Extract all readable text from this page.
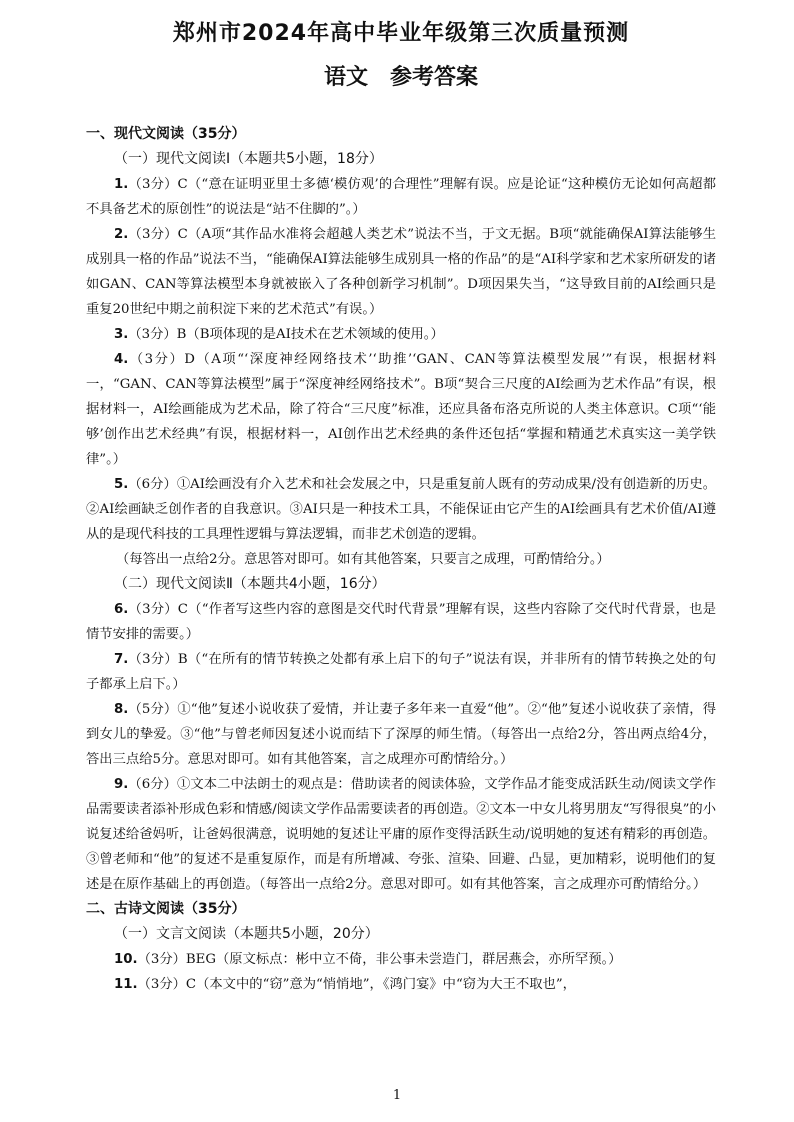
郑州市2024年高中毕业年级第三次质量预测
语文　参考答案

一、现代文阅读（35分）

（一）现代文阅读Ⅰ（本题共5小题，18分）

1.（3分）C（“意在证明亚里士多德‘模仿观’的合理性”理解有误。应是论证“这种模仿无论如何高超都不具备艺术的原创性”的说法是“站不住脚的”。）

2.（3分）C（A项“其作品水准将会超越人类艺术”说法不当，于文无据。B项“就能确保AI算法能够生成别具一格的作品”说法不当，“能确保AI算法能够生成别具一格的作品”的是“AI科学家和艺术家所研发的诸如GAN、CAN等算法模型本身就被嵌入了各种创新学习机制”。D项因果失当，“这导致目前的AI绘画只是重复20世纪中期之前积淀下来的艺术范式”有误。）

3.（3分）B（B项体现的是AI技术在艺术领域的使用。）

4.（3分）D（A项“‘深度神经网络技术’‘助推’‘GAN、CAN等算法模型发展’”有误，根据材料一，“GAN、CAN等算法模型”属于“深度神经网络技术”。B项“契合三尺度的AI绘画为艺术作品”有误，根据材料一，AI绘画能成为艺术品，除了符合“三尺度”标准，还应具备布洛克所说的人类主体意识。C项“‘能够’创作出艺术经典”有误，根据材料一，AI创作出艺术经典的条件还包括“掌握和精通艺术真实这一美学铁律”。）

5.（6分）①AI绘画没有介入艺术和社会发展之中，只是重复前人既有的劳动成果/没有创造新的历史。②AI绘画缺乏创作者的自我意识。③AI只是一种技术工具，不能保证由它产生的AI绘画具有艺术价值/AI遵从的是现代科技的工具理性逻辑与算法逻辑，而非艺术创造的逻辑。

（每答出一点给2分。意思答对即可。如有其他答案，只要言之成理，可酌情给分。）

（二）现代文阅读Ⅱ（本题共4小题，16分）

6.（3分）C（“作者写这些内容的意图是交代时代背景”理解有误，这些内容除了交代时代背景，也是情节安排的需要。）

7.（3分）B（“在所有的情节转换之处都有承上启下的句子”说法有误，并非所有的情节转换之处的句子都承上启下。）

8.（5分）①“他”复述小说收获了爱情，并让妻子多年来一直爱“他”。②“他”复述小说收获了亲情，得到女儿的挚爱。③“他”与曾老师因复述小说而结下了深厚的师生情。（每答出一点给2分，答出两点给4分，答出三点给5分。意思对即可。如有其他答案，言之成理亦可酌情给分。）

9.（6分）①文本二中法朗士的观点是：借助读者的阅读体验，文学作品才能变成活跃生动/阅读文学作品需要读者添补形成色彩和情感/阅读文学作品需要读者的再创造。②文本一中女儿将男朋友“写得很臭”的小说复述给爸妈听，让爸妈很满意，说明她的复述让平庸的原作变得活跃生动/说明她的复述有精彩的再创造。③曾老师和“他”的复述不是重复原作，而是有所增减、夸张、渲染、回避、凸显，更加精彩，说明他们的复述是在原作基础上的再创造。（每答出一点给2分。意思对即可。如有其他答案，言之成理亦可酌情给分。）

二、古诗文阅读（35分）

（一）文言文阅读（本题共5小题，20分）

10.（3分）BEG（原文标点：彬中立不倚，非公事未尝造门，群居燕会，亦所罕预。）

11.（3分）C（本文中的“窃”意为“悄悄地”，《鸿门宴》中“窃为大王不取也”，

1
